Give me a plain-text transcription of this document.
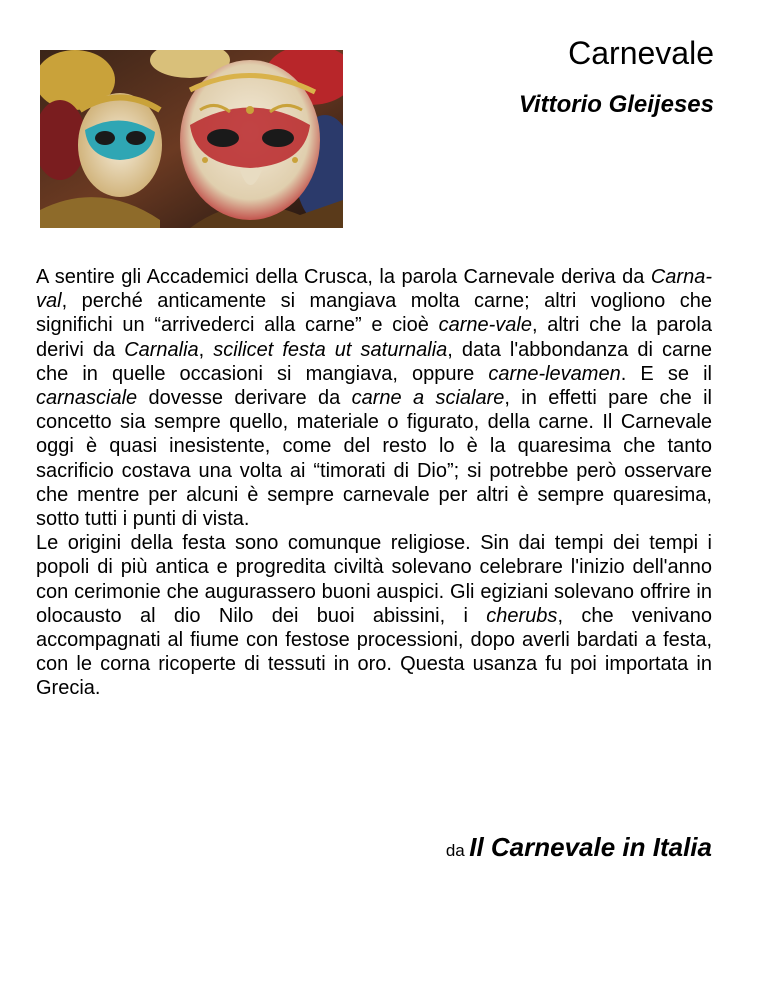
Carnevale
Vittorio Gleijeses

A sentire gli Accademici della Crusca, la parola Carnevale deriva da Carna-val, perché anticamente si mangiava molta carne; altri vogliono che significhi un “arrivederci alla carne” e cioè carne-vale, altri che la parola derivi da Carnalia, scilicet festa ut saturnalia, data l'abbondanza di carne che in quelle occasioni si mangiava, oppure carne-levamen. E se il carnasciale dovesse derivare da carne a scialare, in effetti pare che il concetto sia sempre quello, materiale o figurato, della carne. Il Carnevale oggi è quasi inesistente, come del resto lo è la quaresima che tanto sacrificio costava una volta ai “timorati di Dio”; si potrebbe però osservare che mentre per alcuni è sempre carnevale per altri è sempre quaresima, sotto tutti i punti di vista.

Le origini della festa sono comunque religiose. Sin dai tempi dei tempi i popoli di più antica e progredita civiltà solevano celebrare l'inizio dell'anno con cerimonie che augurassero buoni auspici. Gli egiziani solevano offrire in olocausto al dio Nilo dei buoi abissini, i cherubs, che venivano accompagnati al fiume con festose processioni, dopo averli bardati a festa, con le corna ricoperte di tessuti in oro. Questa usanza fu poi importata in Grecia.

da Il Carnevale in Italia
